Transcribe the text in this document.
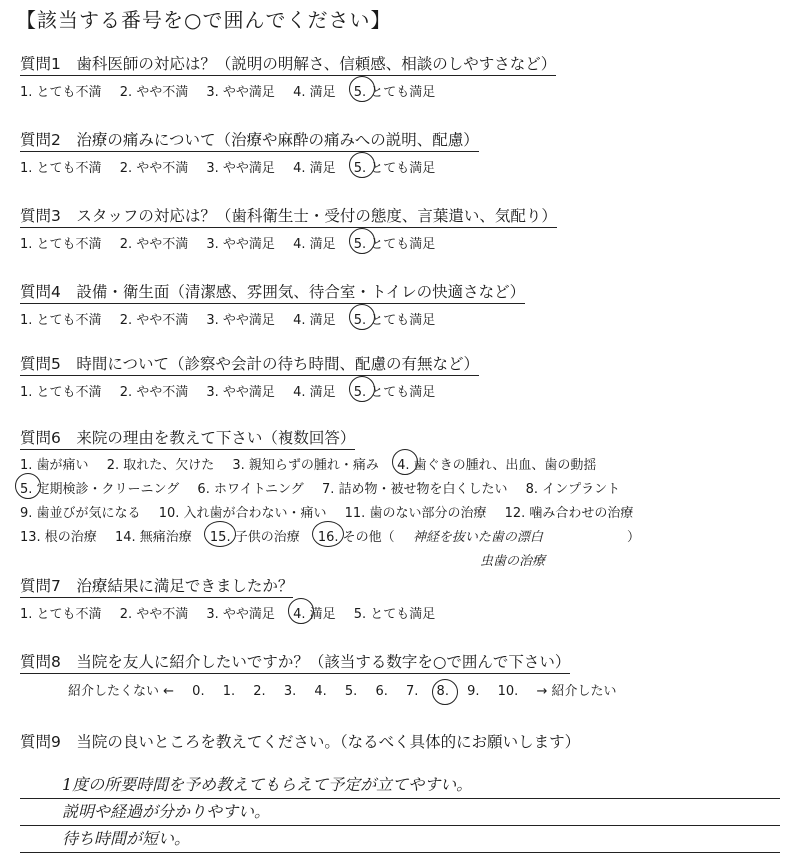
【該当する番号を○で囲んでください】
質問1　歯科医師の対応は？（説明の明解さ、信頼感、相談のしやすさなど）
1. とても不満 2. やや不満 3. やや満足 4. 満足 5. とても満足
質問2　治療の痛みについて（治療や麻酔の痛みへの説明、配慮）
1. とても不満 2. やや不満 3. やや満足 4. 満足 5. とても満足
質問3　スタッフの対応は？（歯科衛生士・受付の態度、言葉遣い、気配り）
1. とても不満 2. やや不満 3. やや満足 4. 満足 5. とても満足
質問4　設備・衛生面（清潔感、雰囲気、待合室・トイレの快適さなど）
1. とても不満 2. やや不満 3. やや満足 4. 満足 5. とても満足
質問5　時間について（診察や会計の待ち時間、配慮の有無など）
1. とても不満 2. やや不満 3. やや満足 4. 満足 5. とても満足
質問6　来院の理由を教えて下さい（複数回答）
1. 歯が痛い 2. 取れた、欠けた 3. 親知らずの腫れ・痛み 4. 歯ぐきの腫れ、出血、歯の動揺
5. 定期検診・クリーニング 6. ホワイトニング 7. 詰め物・被せ物を白くしたい 8. インプラント
9. 歯並びが気になる 10. 入れ歯が合わない・痛い 11. 歯のない部分の治療 12. 噛み合わせの治療
13. 根の治療 14. 無痛治療 15. 子供の治療 16. その他（ 神経を抜いた歯の漂白	）
虫歯の治療
質問7　治療結果に満足できましたか？
1. とても不満 2. やや不満 3. やや満足 4. 満足 5. とても満足
質問8　当院を友人に紹介したいですか？（該当する数字を○で囲んで下さい）
紹介したくない ← 0. 1. 2. 3. 4. 5. 6. 7. 8. 9. 10. → 紹介したい
質問9　当院の良いところを教えてください。（なるべく具体的にお願いします）
1度の所要時間を予め教えてもらえて予定が立てやすい。
説明や経過が分かりやすい。
待ち時間が短い。
